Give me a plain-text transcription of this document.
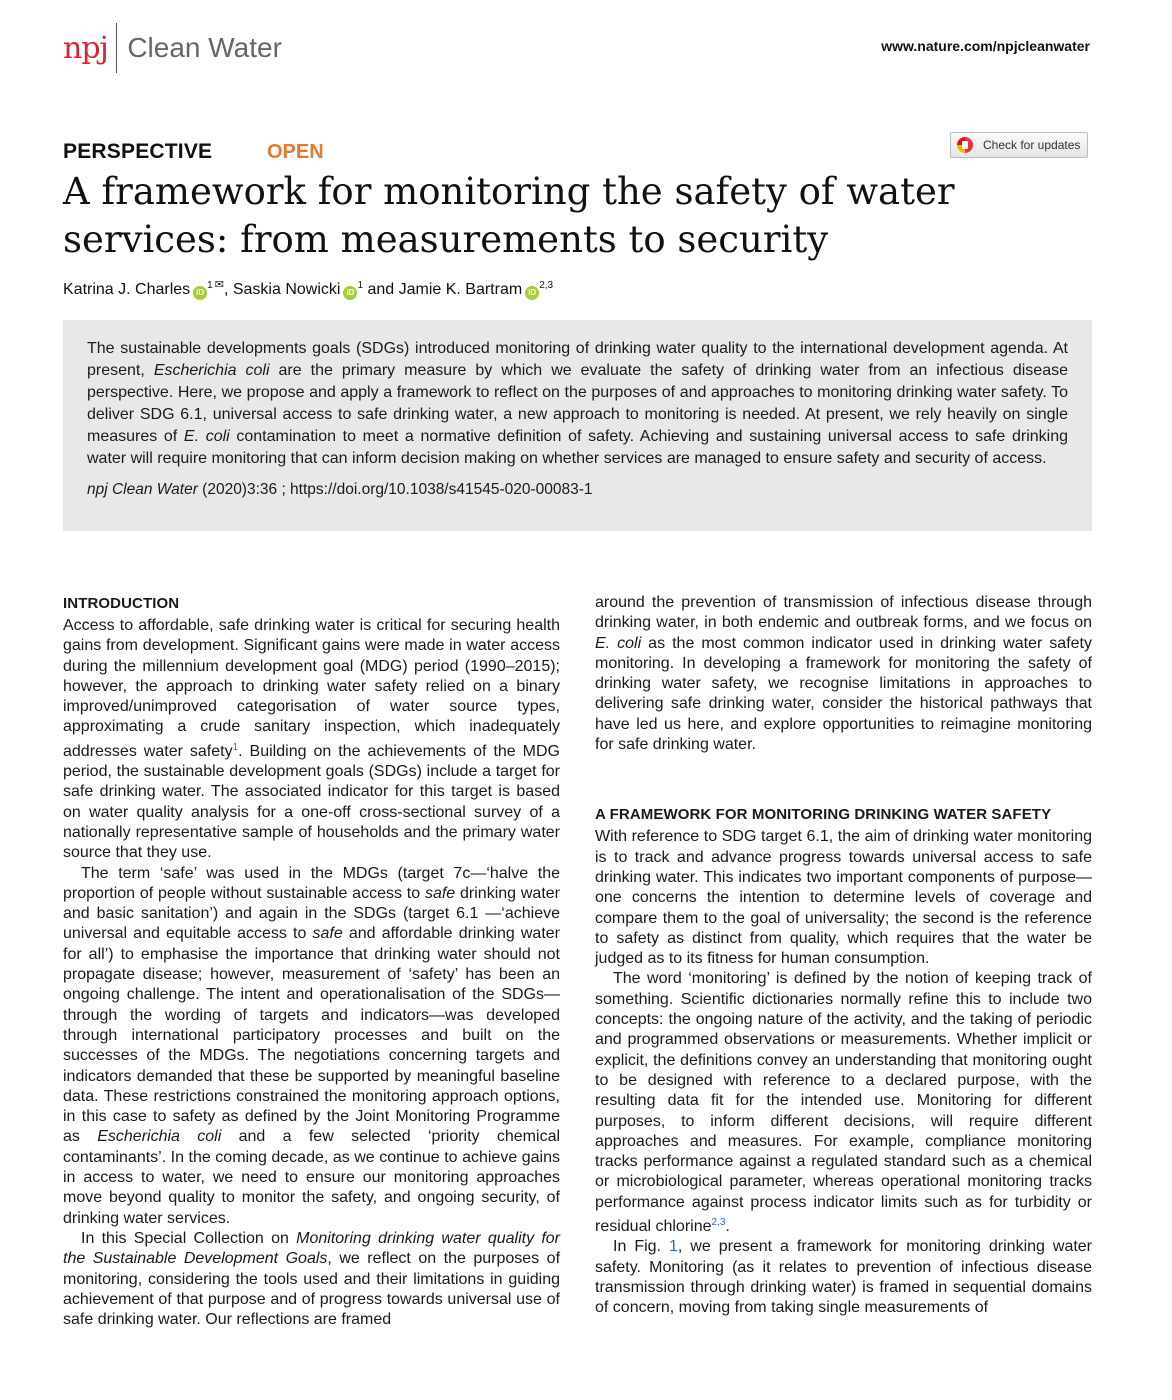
npj Clean Water	www.nature.com/npjcleanwater
PERSPECTIVE	OPEN	Check for updates
A framework for monitoring the safety of water services: from measurements to security
Katrina J. Charles $iD^1$ ✉, Saskia Nowicki $iD^1$ and Jamie K. Bartram iD$^{2,3}$

The sustainable developments goals (SDGs) introduced monitoring of drinking water quality to the international development agenda. At present, Escherichia coli are the primary measure by which we evaluate the safety of drinking water from an infectious disease perspective. Here, we propose and apply a framework to reflect on the purposes of and approaches to monitoring drinking water safety. To deliver SDG 6.1, universal access to safe drinking water, a new approach to monitoring is needed. At present, we rely heavily on single measures of E. coli contamination to meet a normative definition of safety. Achieving and sustaining universal access to safe drinking water will require monitoring that can inform decision making on whether services are managed to ensure safety and security of access.

npj Clean Water (2020)3:36 ; https://doi.org/10.1038/s41545-020-00083-1

INTRODUCTION

Access to affordable, safe drinking water is critical for securing health gains from development. Significant gains were made in water access during the millennium development goal (MDG) period (1990–2015); however, the approach to drinking water safety relied on a binary improved/unimproved categorisation of water source types, approximating a crude sanitary inspection, which inadequately addresses water safety$^1$. Building on the achievements of the MDG period, the sustainable development goals (SDGs) include a target for safe drinking water. The associated indicator for this target is based on water quality analysis for a one-off cross-sectional survey of a nationally representative sample of households and the primary water source that they use.

The term ‘safe’ was used in the MDGs (target 7c—‘halve the proportion of people without sustainable access to safe drinking water and basic sanitation’) and again in the SDGs (target 6.1 —‘achieve universal and equitable access to safe and affordable drinking water for all’) to emphasise the importance that drinking water should not propagate disease; however, measurement of ‘safety’ has been an ongoing challenge. The intent and operationalisation of the SDGs—through the wording of targets and indicators—was developed through international participatory processes and built on the successes of the MDGs. The negotiations concerning targets and indicators demanded that these be supported by meaningful baseline data. These restrictions constrained the monitoring approach options, in this case to safety as defined by the Joint Monitoring Programme as Escherichia coli and a few selected ‘priority chemical contaminants’. In the coming decade, as we continue to achieve gains in access to water, we need to ensure our monitoring approaches move beyond quality to monitor the safety, and ongoing security, of drinking water services.

In this Special Collection on Monitoring drinking water quality for the Sustainable Development Goals, we reflect on the purposes of monitoring, considering the tools used and their limitations in guiding achievement of that purpose and of progress towards universal use of safe drinking water. Our reflections are framed

around the prevention of transmission of infectious disease through drinking water, in both endemic and outbreak forms, and we focus on E. coli as the most common indicator used in drinking water safety monitoring. In developing a framework for monitoring the safety of drinking water safety, we recognise limitations in approaches to delivering safe drinking water, consider the historical pathways that have led us here, and explore opportunities to reimagine monitoring for safe drinking water.

A FRAMEWORK FOR MONITORING DRINKING WATER SAFETY

With reference to SDG target 6.1, the aim of drinking water monitoring is to track and advance progress towards universal access to safe drinking water. This indicates two important components of purpose—one concerns the intention to determine levels of coverage and compare them to the goal of universality; the second is the reference to safety as distinct from quality, which requires that the water be judged as to its fitness for human consumption.

The word ‘monitoring’ is defined by the notion of keeping track of something. Scientific dictionaries normally refine this to include two concepts: the ongoing nature of the activity, and the taking of periodic and programmed observations or measurements. Whether implicit or explicit, the definitions convey an understanding that monitoring ought to be designed with reference to a declared purpose, with the resulting data fit for the intended use. Monitoring for different purposes, to inform different decisions, will require different approaches and measures. For example, compliance monitoring tracks performance against a regulated standard such as a chemical or microbiological parameter, whereas operational monitoring tracks performance against process indicator limits such as for turbidity or residual chlorine$^{2,3}$.

In Fig. 1, we present a framework for monitoring drinking water safety. Monitoring (as it relates to prevention of infectious disease transmission through drinking water) is framed in sequential domains of concern, moving from taking single measurements of
